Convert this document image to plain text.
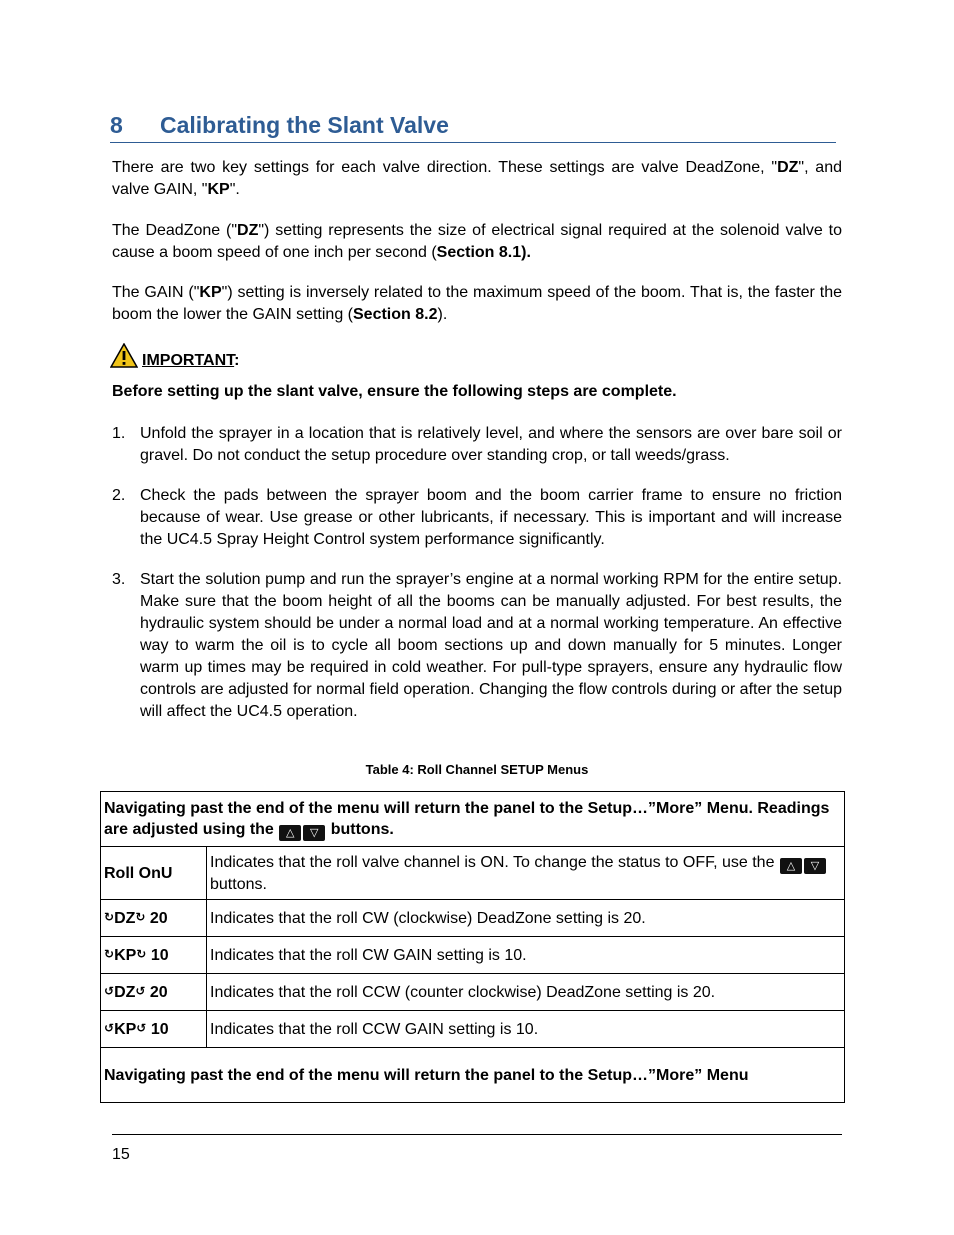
8 Calibrating the Slant Valve
There are two key settings for each valve direction. These settings are valve DeadZone, "DZ", and valve GAIN, "KP".
The DeadZone ("DZ") setting represents the size of electrical signal required at the solenoid valve to cause a boom speed of one inch per second (Section 8.1).
The GAIN ("KP") setting is inversely related to the maximum speed of the boom. That is, the faster the boom the lower the GAIN setting (Section 8.2).
IMPORTANT:
Before setting up the slant valve, ensure the following steps are complete.
1. Unfold the sprayer in a location that is relatively level, and where the sensors are over bare soil or gravel. Do not conduct the setup procedure over standing crop, or tall weeds/grass.
2. Check the pads between the sprayer boom and the boom carrier frame to ensure no friction because of wear. Use grease or other lubricants, if necessary. This is important and will increase the UC4.5 Spray Height Control system performance significantly.
3. Start the solution pump and run the sprayer’s engine at a normal working RPM for the entire setup. Make sure that the boom height of all the booms can be manually adjusted. For best results, the hydraulic system should be under a normal load and at a normal working temperature. An effective way to warm the oil is to cycle all boom sections up and down manually for 5 minutes. Longer warm up times may be required in cold weather. For pull-type sprayers, ensure any hydraulic flow controls are adjusted for normal field operation. Changing the flow controls during or after the setup will affect the UC4.5 operation.
Table 4: Roll Channel SETUP Menus
Navigating past the end of the menu will return the panel to the Setup…”More” Menu. Readings are adjusted using the △ ▽ buttons.	
Roll OnU	Indicates that the roll valve channel is ON. To change the status to OFF, use the △ ▽ buttons.
↻DZ↻ 20	Indicates that the roll CW (clockwise) DeadZone setting is 20.
↻KP↻ 10	Indicates that the roll CW GAIN setting is 10.
↺DZ↺ 20	Indicates that the roll CCW (counter clockwise) DeadZone setting is 20.
↺KP↺ 10	Indicates that the roll CCW GAIN setting is 10.
Navigating past the end of the menu will return the panel to the Setup…”More” Menu	
15
